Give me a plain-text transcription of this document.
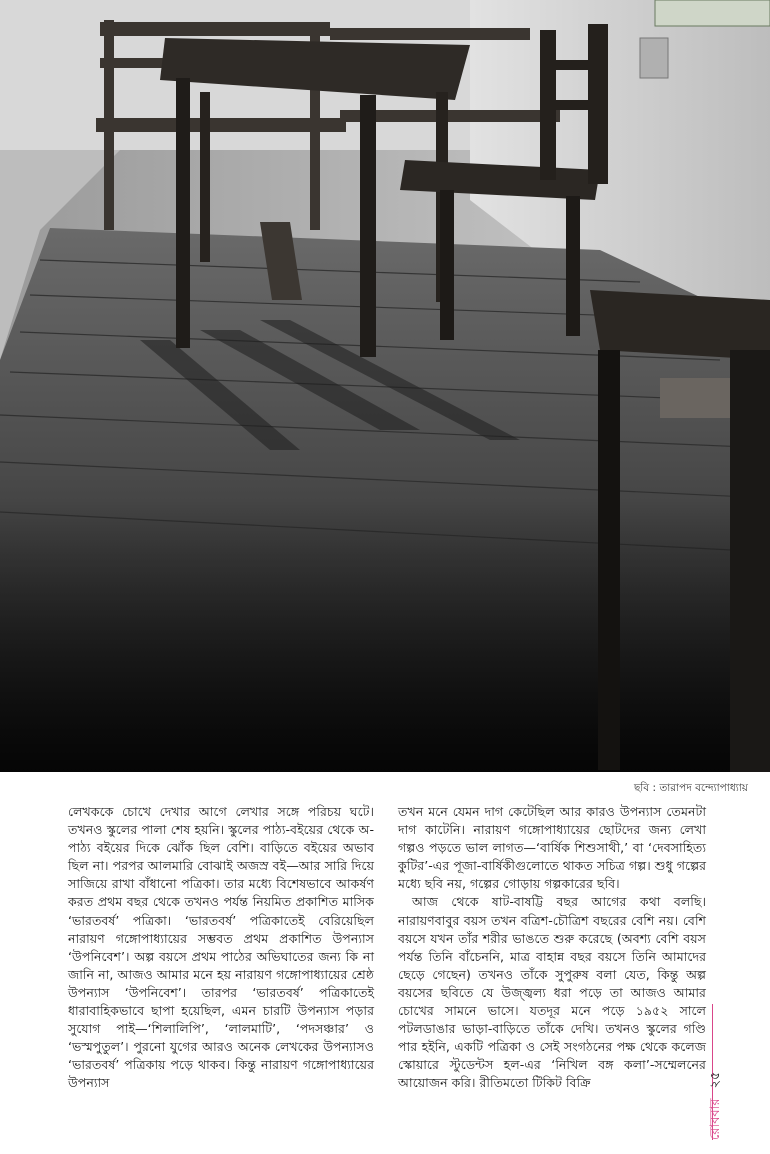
ছবি : তারাপদ বন্দ্যোপাধ্যায়

লেখককে চোখে দেখার আগে লেখার সঙ্গে পরিচয় ঘটে। তখনও স্কুলের পালা শেষ হয়নি। স্কুলের পাঠ্য-বইয়ের থেকে অ-পাঠ্য বইয়ের দিকে ঝোঁক ছিল বেশি। বাড়িতে বইয়ের অভাব ছিল না। পরপর আলমারি বোঝাই অজস্র বই—আর সারি দিয়ে সাজিয়ে রাখা বাঁধানো পত্রিকা। তার মধ্যে বিশেষভাবে আকর্ষণ করত প্রথম বছর থেকে তখনও পর্যন্ত নিয়মিত প্রকাশিত মাসিক ‘ভারতবর্ষ’ পত্রিকা। ‘ভারতবর্ষ’ পত্রিকাতেই বেরিয়েছিল নারায়ণ গঙ্গোপাধ্যায়ের সম্ভবত প্রথম প্রকাশিত উপন্যাস ‘উপনিবেশ’। অল্প বয়সে প্রথম পাঠের অভিঘাতের জন্য কি না জানি না, আজও আমার মনে হয় নারায়ণ গঙ্গোপাধ্যায়ের শ্রেষ্ঠ উপন্যাস ‘উপনিবেশ’। তারপর ‘ভারতবর্ষ’ পত্রিকাতেই ধারাবাহিকভাবে ছাপা হয়েছিল, এমন চারটি উপন্যাস পড়ার সুযোগ পাই—‘শিলালিপি’, ‘লালমাটি’, ‘পদসঞ্চার’ ও ‘ভস্মপুতুল’। পুরনো যুগের আরও অনেক লেখকের উপন্যাসও ‘ভারতবর্ষ’ পত্রিকায় পড়ে থাকব। কিন্তু নারায়ণ গঙ্গোপাধ্যায়ের উপন্যাস

তখন মনে যেমন দাগ কেটেছিল আর কারও উপন্যাস তেমনটা দাগ কাটেনি। নারায়ণ গঙ্গোপাধ্যায়ের ছোটদের জন্য লেখা গল্পও পড়তে ভাল লাগত—‘বার্ষিক শিশুসাথী,’ বা ‘দেবসাহিত্য কুটির’-এর পূজা-বার্ষিকীগুলোতে থাকত সচিত্র গল্প। শুধু গল্পের মধ্যে ছবি নয়, গল্পের গোড়ায় গল্পকারের ছবি।

আজ থেকে ষাট-বাষট্টি বছর আগের কথা বলছি। নারায়ণবাবুর বয়স তখন বত্রিশ-চৌত্রিশ বছরের বেশি নয়। বেশি বয়সে যখন তাঁর শরীর ভাঙতে শুরু করেছে (অবশ্য বেশি বয়স পর্যন্ত তিনি বাঁচেননি, মাত্র বাহান্ন বছর বয়সে তিনি আমাদের ছেড়ে গেছেন) তখনও তাঁকে সুপুরুষ বলা যেত, কিন্তু অল্প বয়সের ছবিতে যে উজ্জ্বল্য ধরা পড়ে তা আজও আমার চোখের সামনে ভাসে। যতদূর মনে পড়ে ১৯৫২ সালে পটলডাঙার ভাড়া-বাড়িতে তাঁকে দেখি। তখনও স্কুলের গণ্ডি পার হইনি, একটি পত্রিকা ও সেই সংগঠনের পক্ষ থেকে কলেজ স্কোয়ারে স্টুডেন্টস হল-এর ‘নিখিল বঙ্গ কলা’-সম্মেলনের আয়োজন করি। রীতিমতো টিকিট বিক্রি

রোববার২৫
